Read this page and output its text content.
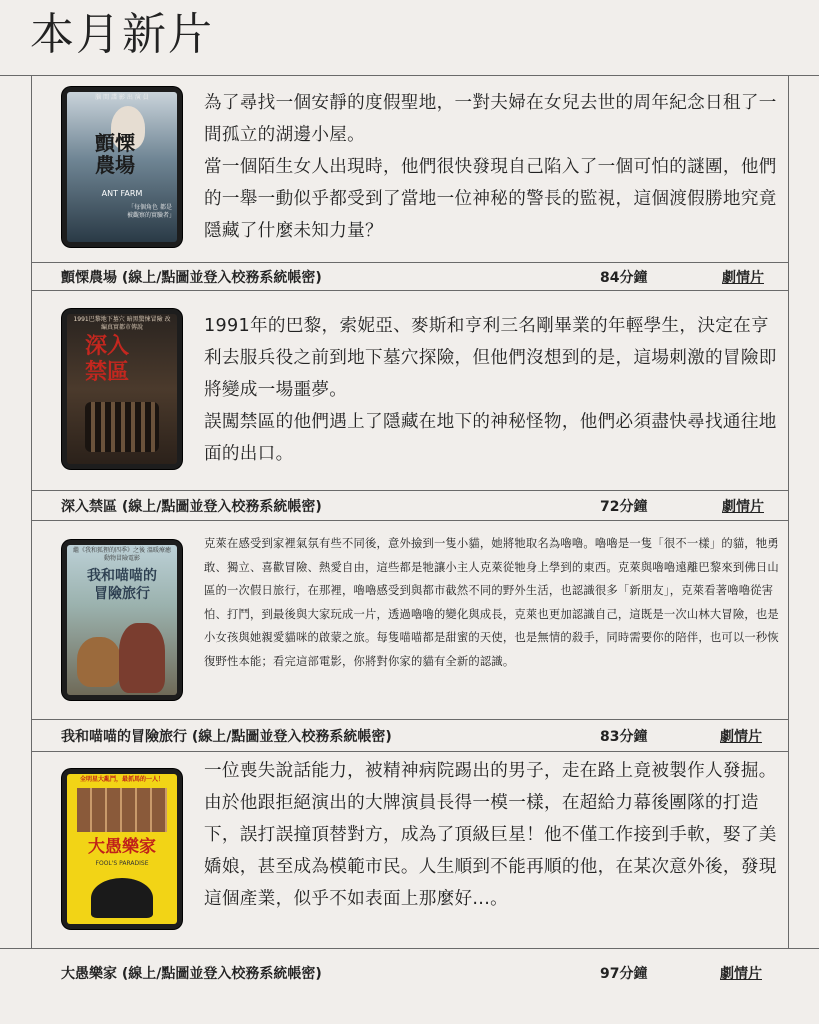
本月新片
腦 間 諜 影 出 演 員
顫慄
農場
ANT FARM
「每個角色 都是被觀察的實驗者」

為了尋找一個安靜的度假聖地，一對夫婦在女兒去世的周年紀念日租了一間孤立的湖邊小屋。

當一個陌生女人出現時，他們很快發現自己陷入了一個可怕的謎團，他們的一舉一動似乎都受到了當地一位神秘的警長的監視，這個渡假勝地究竟隱藏了什麼未知力量？

顫慄農場 (線上/點圖並登入校務系統帳密)	84分鐘	劇情片
1991巴黎地下墓穴 暗黑驚悚冒險 改編真實都市傳說
深入
禁區

1991年的巴黎，索妮亞、麥斯和亨利三名剛畢業的年輕學生，決定在亨利去服兵役之前到地下墓穴探險，但他們沒想到的是，這場刺激的冒險即將變成一場噩夢。

誤闖禁區的他們遇上了隱藏在地下的神秘怪物，他們必須盡快尋找通往地面的出口。

深入禁區 (線上/點圖並登入校務系統帳密)	72分鐘	劇情片
繼《我和狐狸的四季》之後 溫暖療癒動物冒險電影
我和喵喵的
冒險旅行

克萊在感受到家裡氣氛有些不同後，意外撿到一隻小貓，她將牠取名為嚕嚕。嚕嚕是一隻「很不一樣」的貓，牠勇敢、獨立、喜歡冒險、熱愛自由，這些都是牠讓小主人克萊從牠身上學到的東西。克萊與嚕嚕遠離巴黎來到佛日山區的一次假日旅行，在那裡，嚕嚕感受到與都市截然不同的野外生活，也認識很多「新朋友」，克萊看著嚕嚕從害怕、打鬥，到最後與大家玩成一片，透過嚕嚕的變化與成長，克萊也更加認識自己，這既是一次山林大冒險，也是小女孩與她親愛貓咪的啟蒙之旅。每隻喵喵都是甜蜜的天使，也是無情的殺手，同時需要你的陪伴，也可以一秒恢復野性本能；看完這部電影，你將對你家的貓有全新的認識。

我和喵喵的冒險旅行 (線上/點圖並登入校務系統帳密)	83分鐘	劇情片
全明星大亂鬥，最抓馬的一人！
大愚樂家
FOOL'S PARADISE

一位喪失說話能力，被精神病院踢出的男子，走在路上竟被製作人發掘。

由於他跟拒絕演出的大牌演員長得一模一樣，在超給力幕後團隊的打造下，誤打誤撞頂替對方，成為了頂級巨星！他不僅工作接到手軟，娶了美嬌娘，甚至成為模範市民。人生順到不能再順的他，在某次意外後，發現這個產業，似乎不如表面上那麼好...。

大愚樂家 (線上/點圖並登入校務系統帳密)	97分鐘	劇情片
